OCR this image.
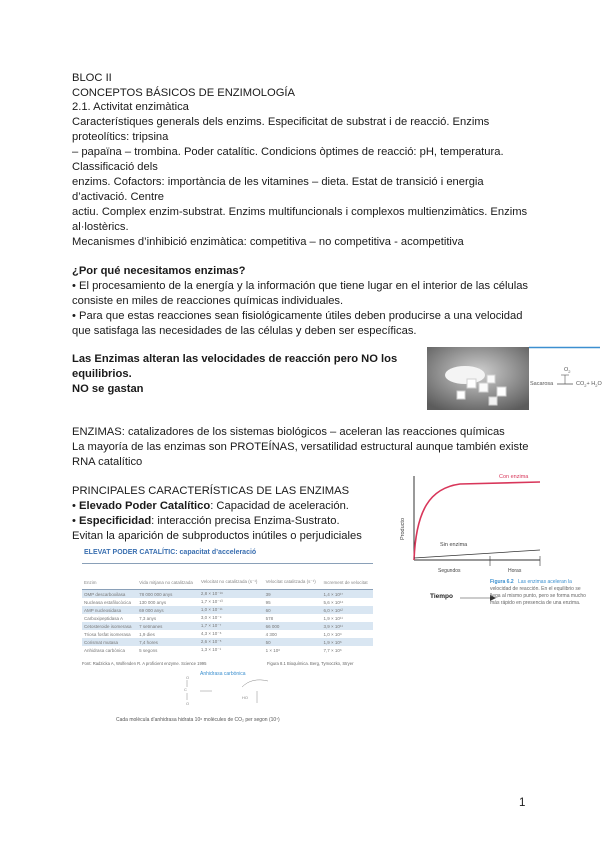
BLOC II
CONCEPTOS BÁSICOS DE ENZIMOLOGÍA
2.1. Activitat enzimàtica
Característiques generals dels enzims. Especificitat de substrat i de reacció. Enzims
proteolítics: tripsina
– papaïna – trombina. Poder catalític. Condicions òptimes de reacció: pH, temperatura.
Classificació dels
enzims. Cofactors: importància de les vitamines – dieta. Estat de transició i energia
d’activació. Centre
actiu. Complex enzim-substrat. Enzims multifuncionals i complexos multienzimàtics. Enzims
al·lostèrics.
Mecanismes d’inhibició enzimàtica: competitiva – no competitiva - acompetitiva
¿Por qué necesitamos enzimas?
• El procesamiento de la energía y la información que tiene lugar en el interior de las células
consiste en miles de reacciones químicas individuales.
• Para que estas reacciones sean fisiológicamente útiles deben producirse a una velocidad
que satisfaga las necesidades de las células y deben ser específicas.
Las Enzimas alteran las velocidades de reacción pero NO los
equilibrios.
NO se gastan
$O_2$
Sacarosa	$CO_2+ H_2O$
ENZIMAS: catalizadores de los sistemas biológicos – aceleran las reacciones químicas
La mayoría de las enzimas son PROTEÍNAS, versatilidad estructural aunque también existe
RNA catalítico
PRINCIPALES CARACTERÍSTICAS DE LAS ENZIMAS
• Elevado Poder Catalítico: Capacidad de aceleración.
• Especificidad: interacción precisa Enzima-Sustrato.
Evitan la aparición de subproductos inútiles o perjudiciales	Producto
Con enzima
Sin enzima
Segundos	Horas
Tiempo
Figura 6.2 Las enzimas aceleran la
velocidad de reacción. En el equilibrio se
llega al mismo punto, pero se forma mucho
más rápido en presencia de una enzima.
ELEVAT PODER CATALÍTIC: capacitat d’acceleració
Enzim	Vida mitjana no catalitzada	Velocitat no catalitzada (s⁻¹)	Velocitat catalitzada (s⁻¹)	Increment de velocitat
OMP descarboxilasa	78 000 000 anys	2,8 × 10⁻¹⁶	39	1,4 × 10¹⁷
Nucleasa estafilocòcica	130 000 anys	1,7 × 10⁻¹³	95	5,6 × 10¹⁴
AMP nucleosidasa	69 000 anys	1,0 × 10⁻¹¹	60	6,0 × 10¹²
Carboxipeptidasa A	7,3 anys	3,0 × 10⁻⁹	578	1,9 × 10¹¹
Cetosteroide isomerasa	7 setmanes	1,7 × 10⁻⁷	66 000	3,9 × 10¹¹
Triosa fosfat isomerasa	1,9 dies	4,3 × 10⁻⁶	4 300	1,0 × 10⁹
Corismat mutasa	7,4 hores	2,6 × 10⁻⁵	50	1,9 × 10⁶
Anhidrasa carbònica	5 segons	1,3 × 10⁻¹	1 × 10⁶	7,7 × 10⁶
Font: Radzicka A, Wolfenden R. A proficient enzyme. Science 1995	Figura 8.1 Bioquímica. Berg, Tymoczko, Stryer
O
C
O
HO
Anhidrasa carbònica
Cada molècula d’anhidrasa hidrata 10⁶ molècules de CO₂ per segon (10⁷)
1
